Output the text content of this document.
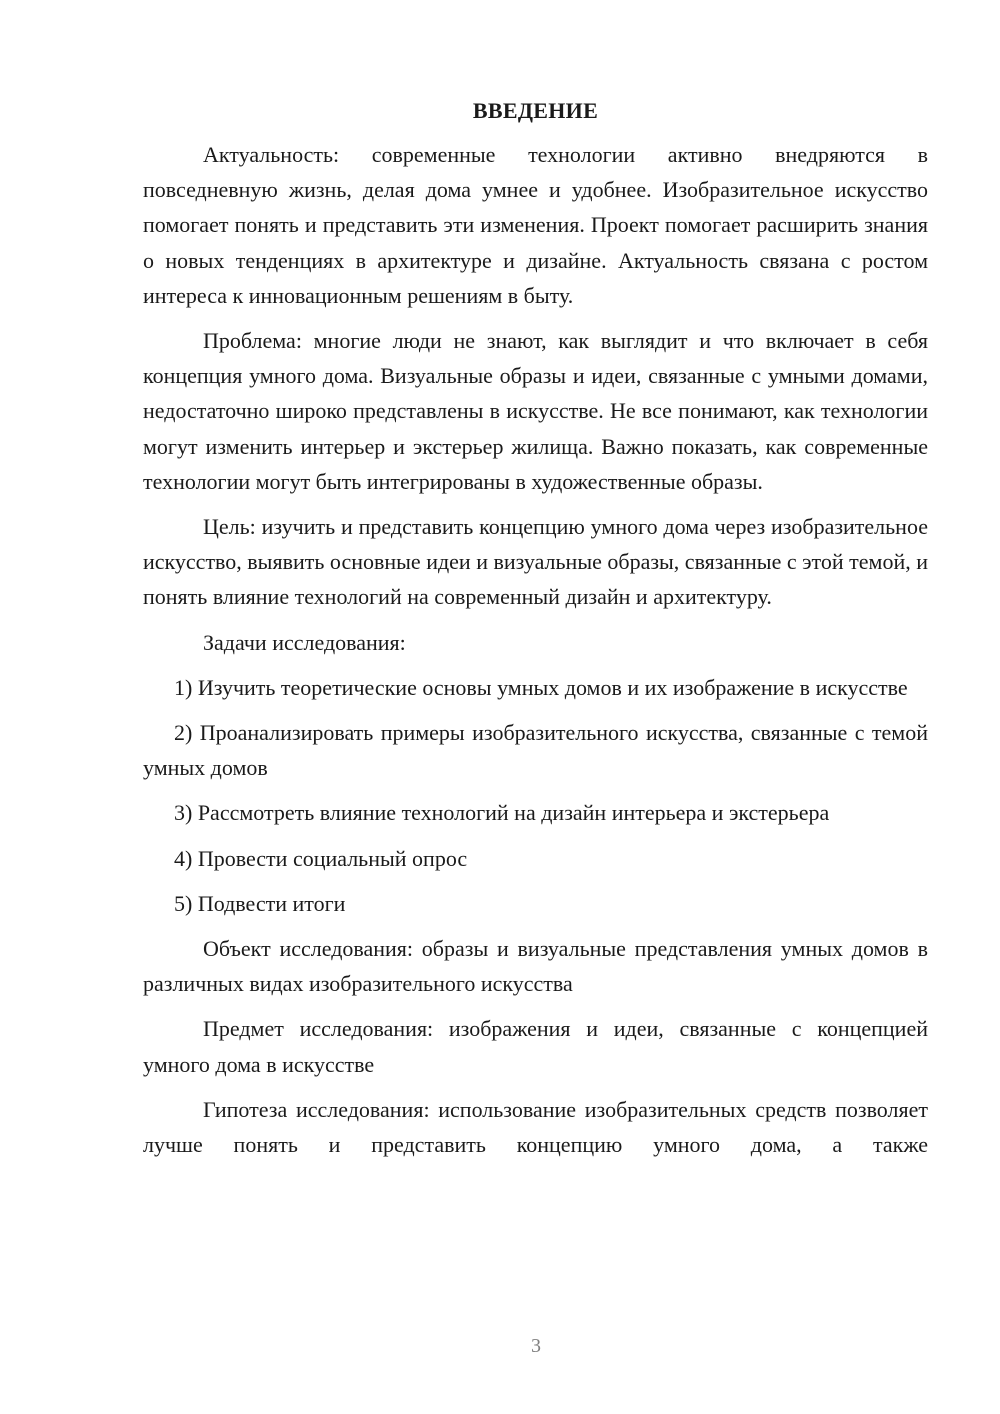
ВВЕДЕНИЕ

Актуальность: современные технологии активно внедряются в повседневную жизнь, делая дома умнее и удобнее. Изобразительное искусство помогает понять и представить эти изменения. Проект помогает расширить знания о новых тенденциях в архитектуре и дизайне. Актуальность связана с ростом интереса к инновационным решениям в быту.

Проблема: многие люди не знают, как выглядит и что включает в себя концепция умного дома. Визуальные образы и идеи, связанные с умными домами, недостаточно широко представлены в искусстве. Не все понимают, как технологии могут изменить интерьер и экстерьер жилища. Важно показать, как современные технологии могут быть интегрированы в художественные образы.

Цель: изучить и представить концепцию умного дома через изобразительное искусство, выявить основные идеи и визуальные образы, связанные с этой темой, и понять влияние технологий на современный дизайн и архитектуру.

Задачи исследования:

1) Изучить теоретические основы умных домов и их изображение в искусстве

2) Проанализировать примеры изобразительного искусства, связанные с темой умных домов

3) Рассмотреть влияние технологий на дизайн интерьера и экстерьера

4) Провести социальный опрос

5) Подвести итоги

Объект исследования: образы и визуальные представления умных домов в различных видах изобразительного искусства

Предмет исследования: изображения и идеи, связанные с концепцией умного дома в искусстве

Гипотеза исследования: использование изобразительных средств позволяет лучше понять и представить концепцию умного дома, а также

3
